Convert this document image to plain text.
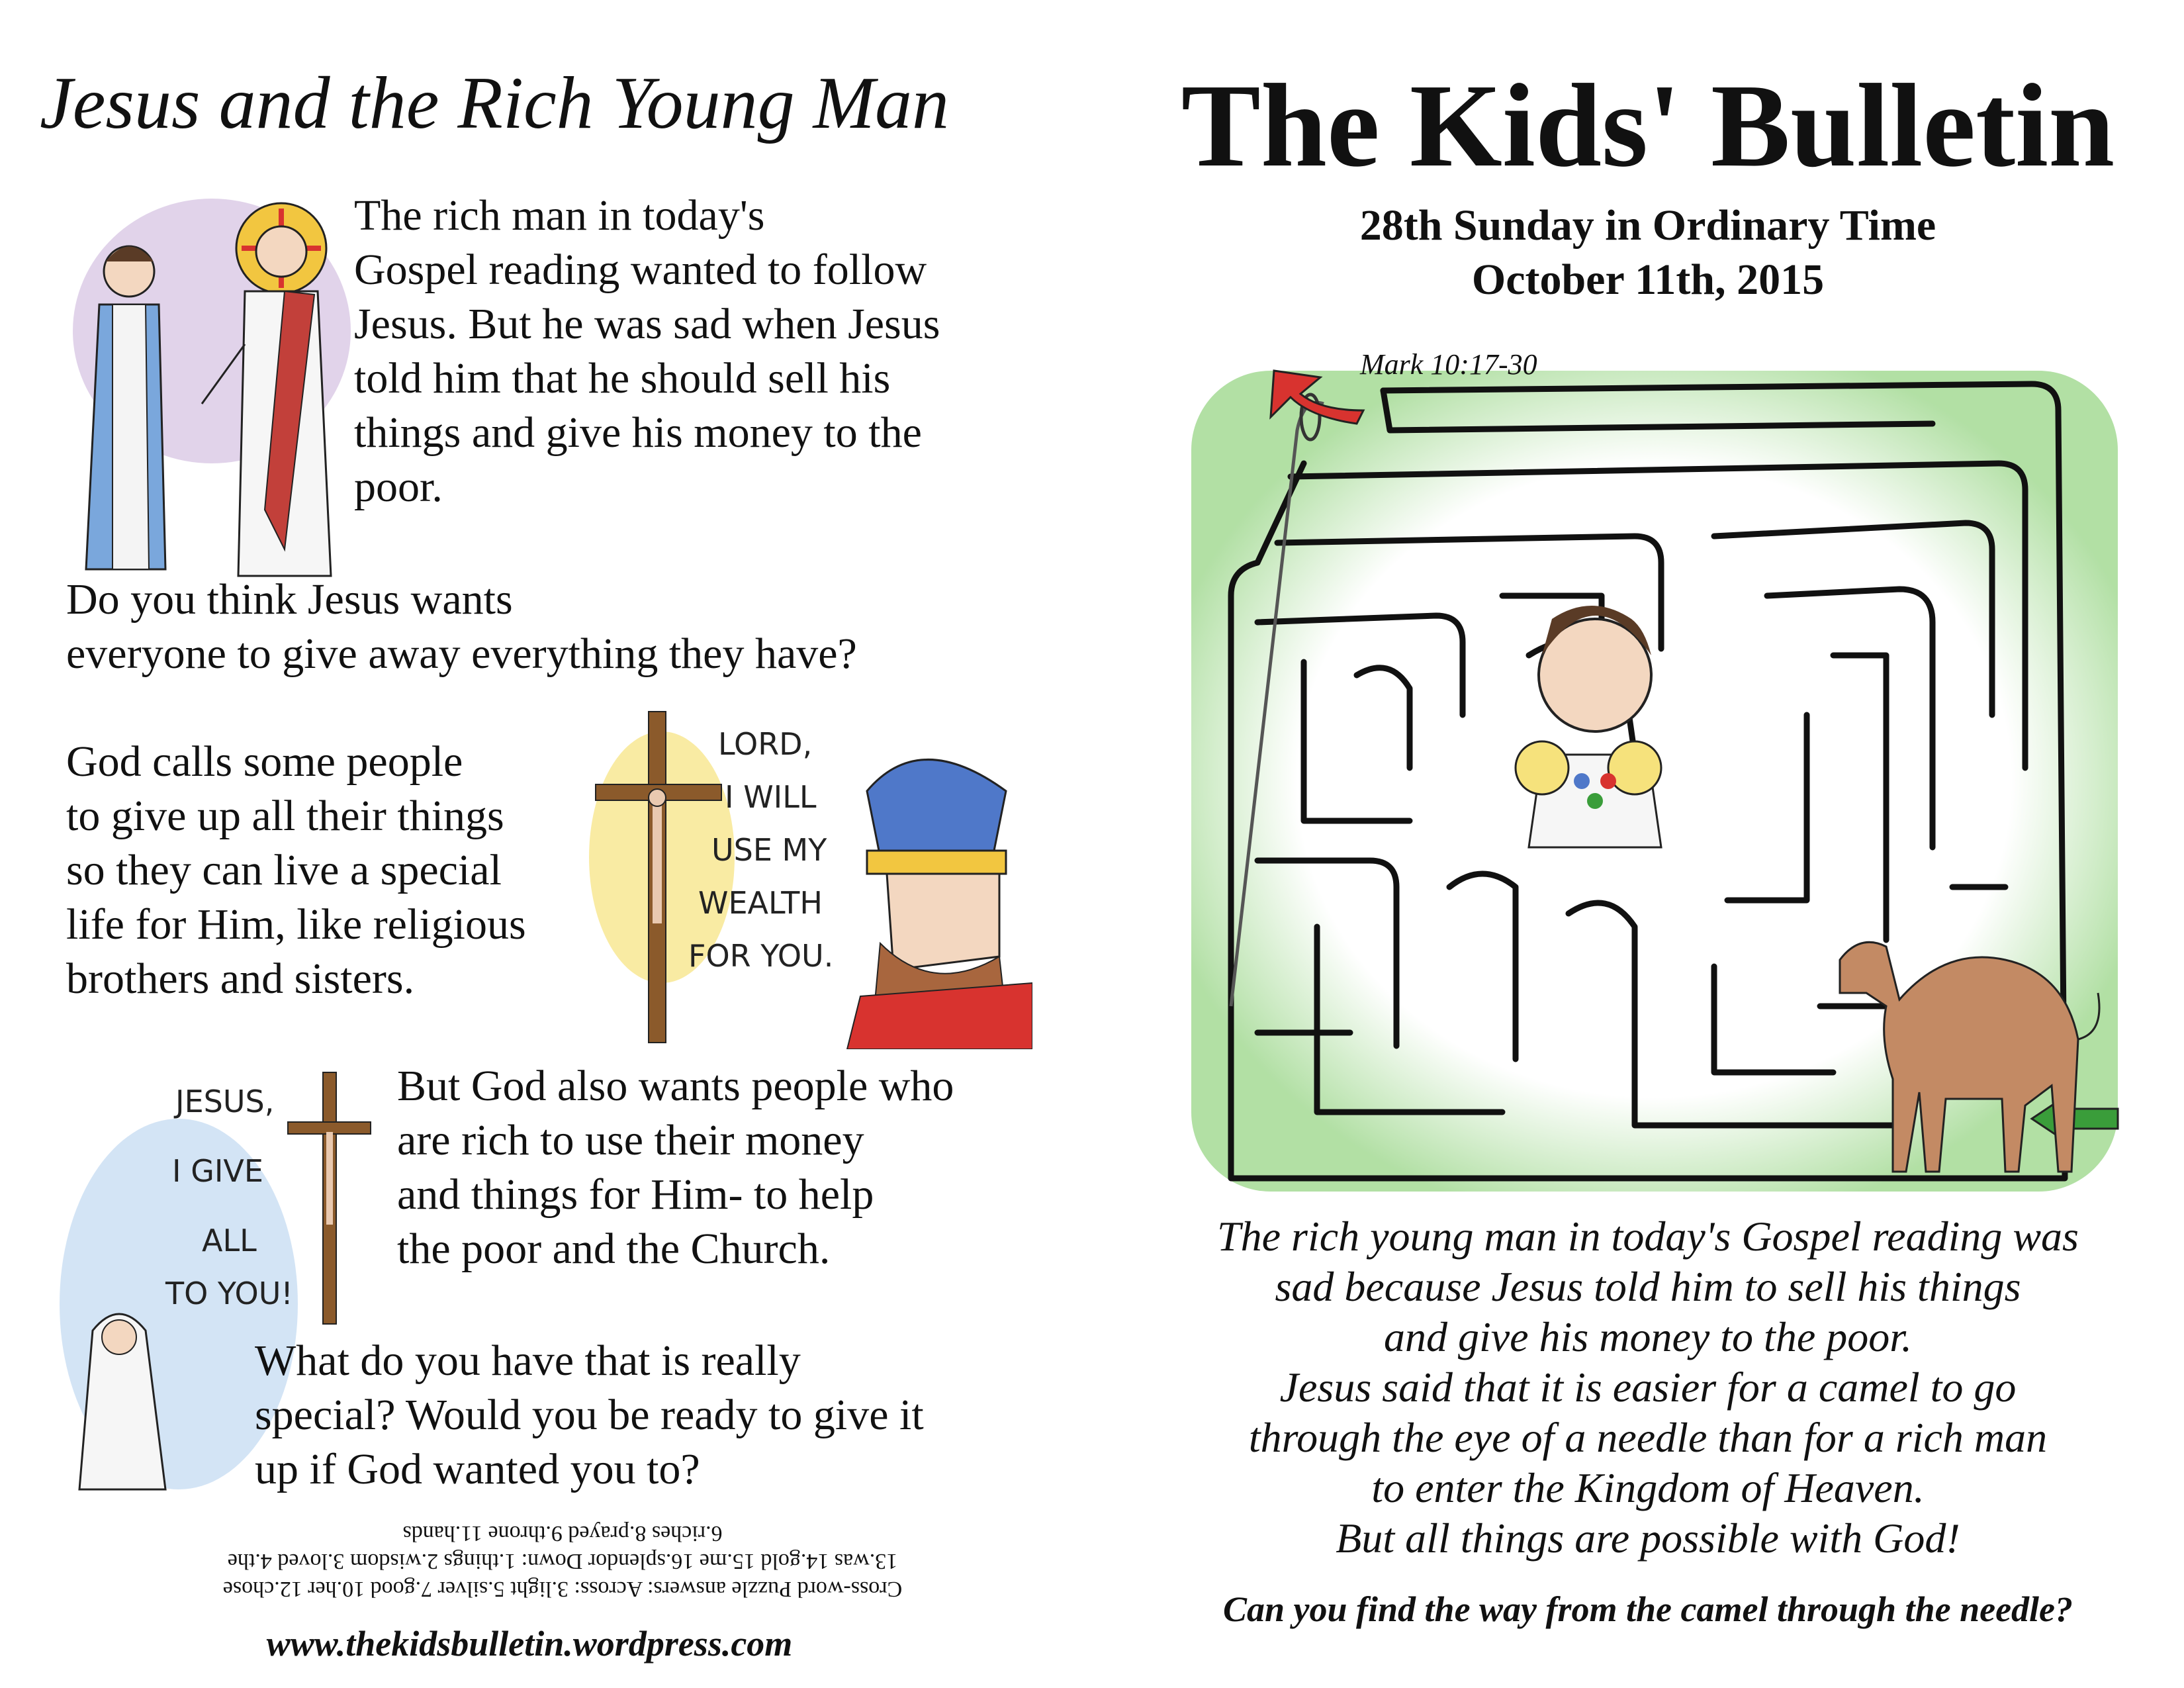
Jesus and the Rich Young Man
LORD,
I WILL
USE MY
WEALTH
FOR YOU.
JESUS,
I GIVE
ALL
TO YOU!
The rich man in today's
Gospel reading wanted to follow
Jesus. But he was sad when Jesus
told him that he should sell his
things and give his money to the
poor.
Do you think Jesus wants
everyone to give away everything they have?
God calls some people
to give up all their things
so they can live a special
life for Him, like religious
brothers and sisters.
But God also wants people who
are rich to use their money
and things for Him- to help
the poor and the Church.
What do you have that is really
special? Would you be ready to give it
up if God wanted you to?
Cross-word Puzzle answers: Across: 3.light 5.silver 7.good 10.her 12.chose
13.was 14.gold 15.me 16.splendor Down: 1.things 2.wisdom 3.loved 4.the
6.riches 8.prayed 9.throne 11.hands
www.thekidsbulletin.wordpress.com
The Kids' Bulletin
28th Sunday in Ordinary Time
October 11th, 2015
Mark 10:17-30
The rich young man in today's Gospel reading was
sad because Jesus told him to sell his things
and give his money to the poor.
Jesus said that it is easier for a camel to go
through the eye of a needle than for a rich man
to enter the Kingdom of Heaven.
But all things are possible with God!
Can you find the way from the camel through the needle?
